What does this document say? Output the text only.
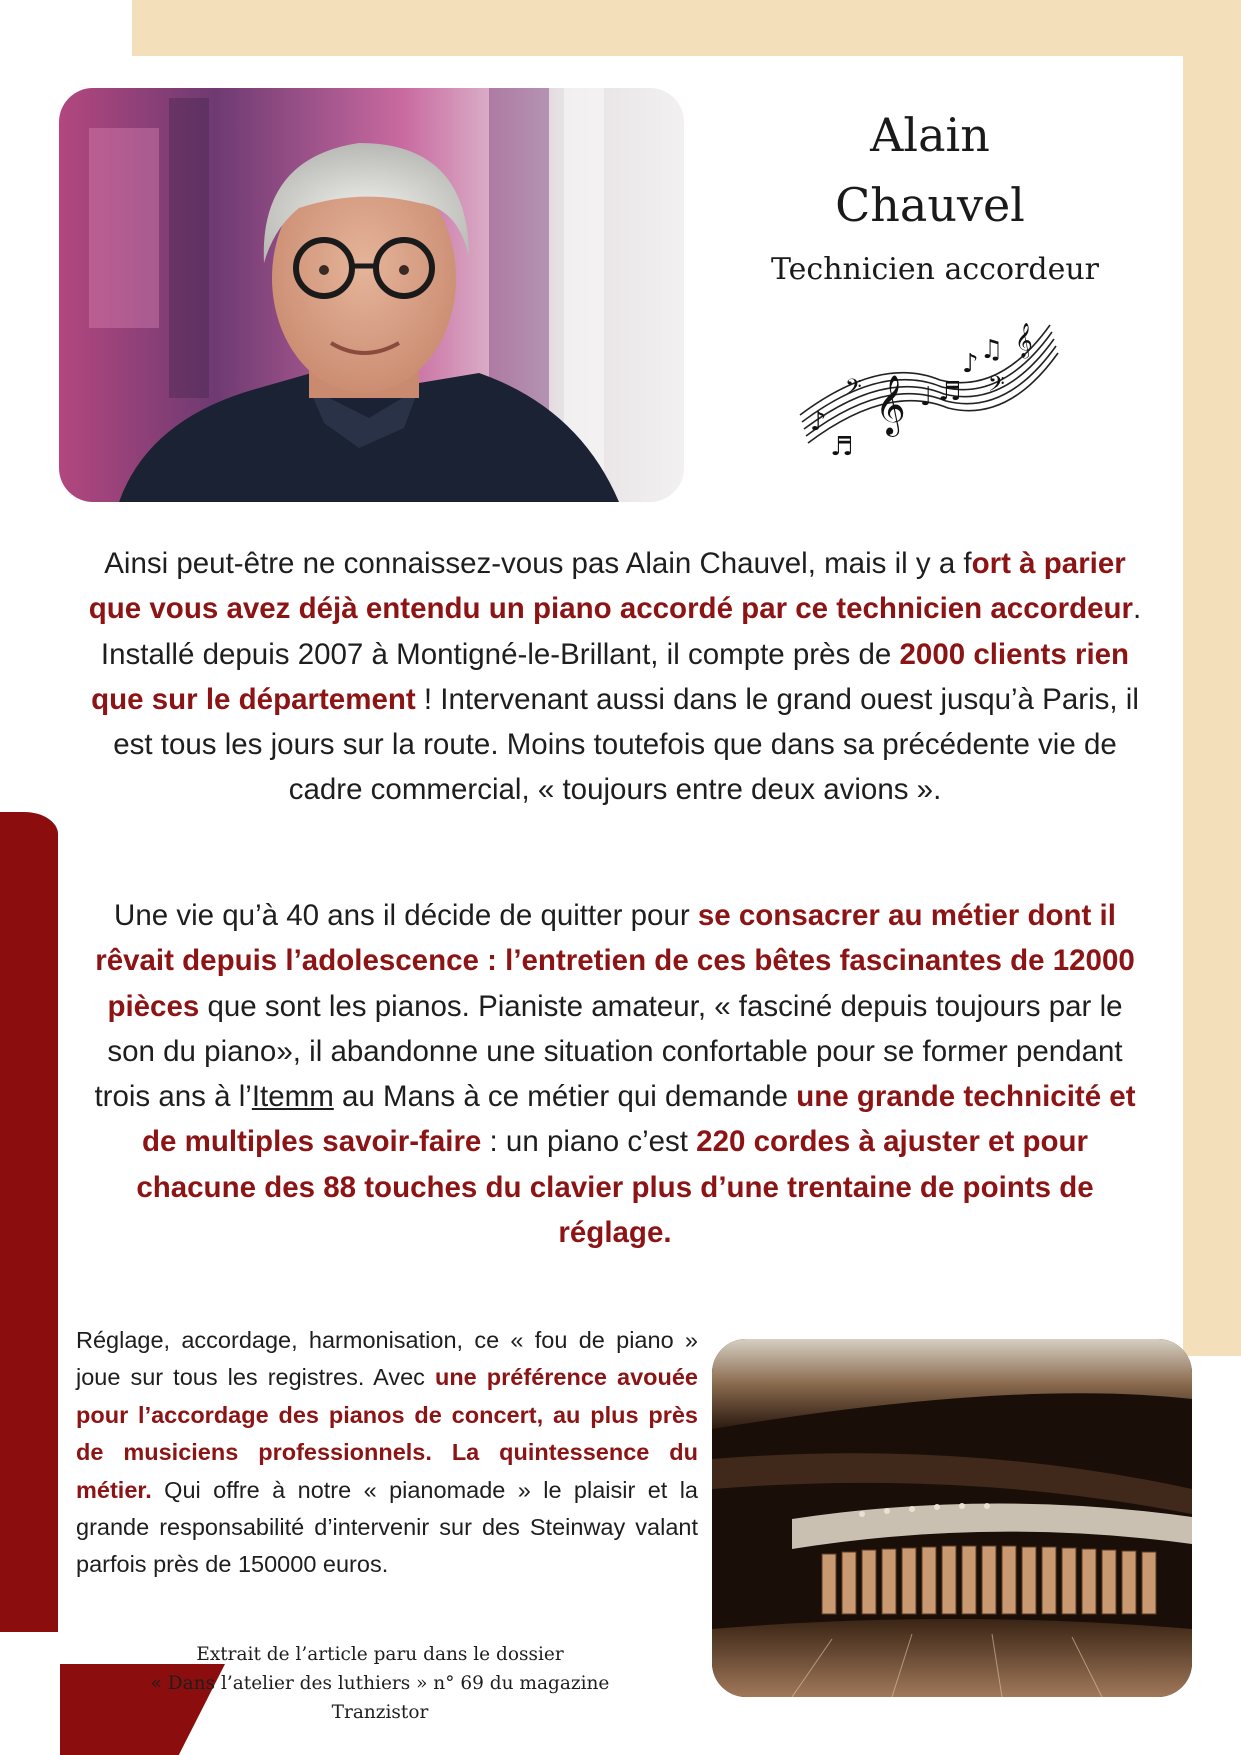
Alain
Chauvel
Technicien accordeur
𝄞
♪
♬
𝄢 ♩ ♬
♪ ♫
𝄢
𝄞

Ainsi peut-être ne connaissez-vous pas Alain Chauvel, mais il y a fort à parier que vous avez déjà entendu un piano accordé par ce technicien accordeur. Installé depuis 2007 à Montigné-le-Brillant, il compte près de 2000 clients rien que sur le département ! Intervenant aussi dans le grand ouest jusqu’à Paris, il est tous les jours sur la route. Moins toutefois que dans sa précédente vie de cadre commercial, « toujours entre deux avions ».

Une vie qu’à 40 ans il décide de quitter pour se consacrer au métier dont il rêvait depuis l’adolescence : l’entretien de ces bêtes fascinantes de 12000 pièces que sont les pianos. Pianiste amateur, « fasciné depuis toujours par le son du piano», il abandonne une situation confortable pour se former pendant trois ans à l’Itemm au Mans à ce métier qui demande une grande technicité et de multiples savoir-faire : un piano c’est 220 cordes à ajuster et pour chacune des 88 touches du clavier plus d’une trentaine de points de réglage.

Réglage, accordage, harmonisation, ce « fou de piano » joue sur tous les registres. Avec une préférence avouée pour l’accordage des pianos de concert, au plus près de musiciens professionnels. La quintessence du métier. Qui offre à notre « pianomade » le plaisir et la grande responsabilité d’intervenir sur des Steinway valant parfois près de 150000 euros.

Extrait de l’article paru dans le dossier
« Dans l’atelier des luthiers » n° 69 du magazine Tranzistor
